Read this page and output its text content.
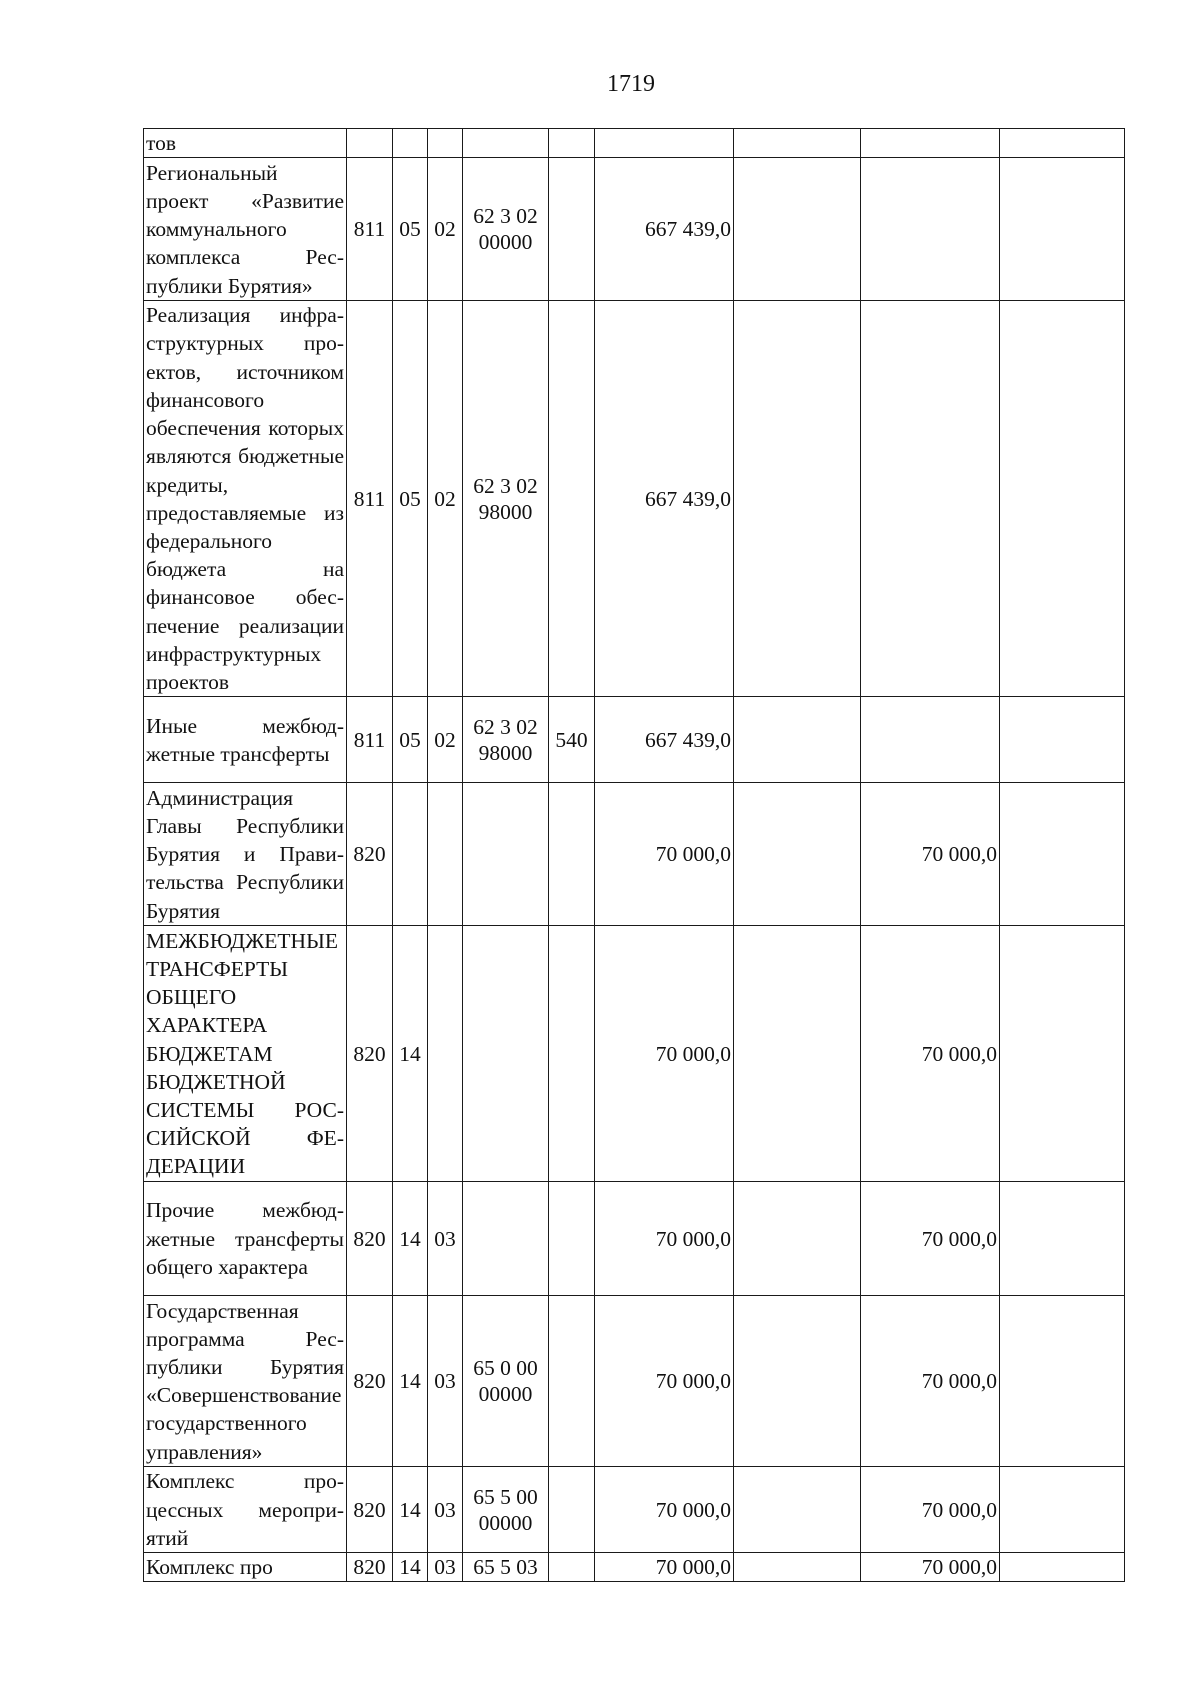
1719
тов									
Региональный проект «Развитие коммунального комплекса Республики Бурятия»	811	05	02	62 3 02 00000		667 439,0			
Реализация инфраструктурных проектов, источником финансового обеспечения которых являются бюджетные кредиты, предоставляемые из федерального бюджета на финансовое обеспечение реализации инфраструктурных проектов	811	05	02	62 3 02 98000		667 439,0			
Иные межбюджетные трансферты	811	05	02	62 3 02 98000	540	667 439,0			
Администрация Главы Республики Бурятия и Правительства Республики Бурятия	820					70 000,0		70 000,0	
МЕЖБЮДЖЕТНЫЕ ТРАНСФЕРТЫ ОБЩЕГО ХАРАКТЕРА БЮДЖЕТАМ БЮДЖЕТНОЙ СИСТЕМЫ РОССИЙСКОЙ ФЕДЕРАЦИИ	820	14				70 000,0		70 000,0	
Прочие межбюджетные трансферты общего характера	820	14	03			70 000,0		70 000,0	
Государственная программа Республики Бурятия «Совершенствование государственного управления»	820	14	03	65 0 00 00000		70 000,0		70 000,0	
Комплекс процессных мероприятий	820	14	03	65 5 00 00000		70 000,0		70 000,0	
Комплекс про	820	14	03	65 5 03		70 000,0		70 000,0	
